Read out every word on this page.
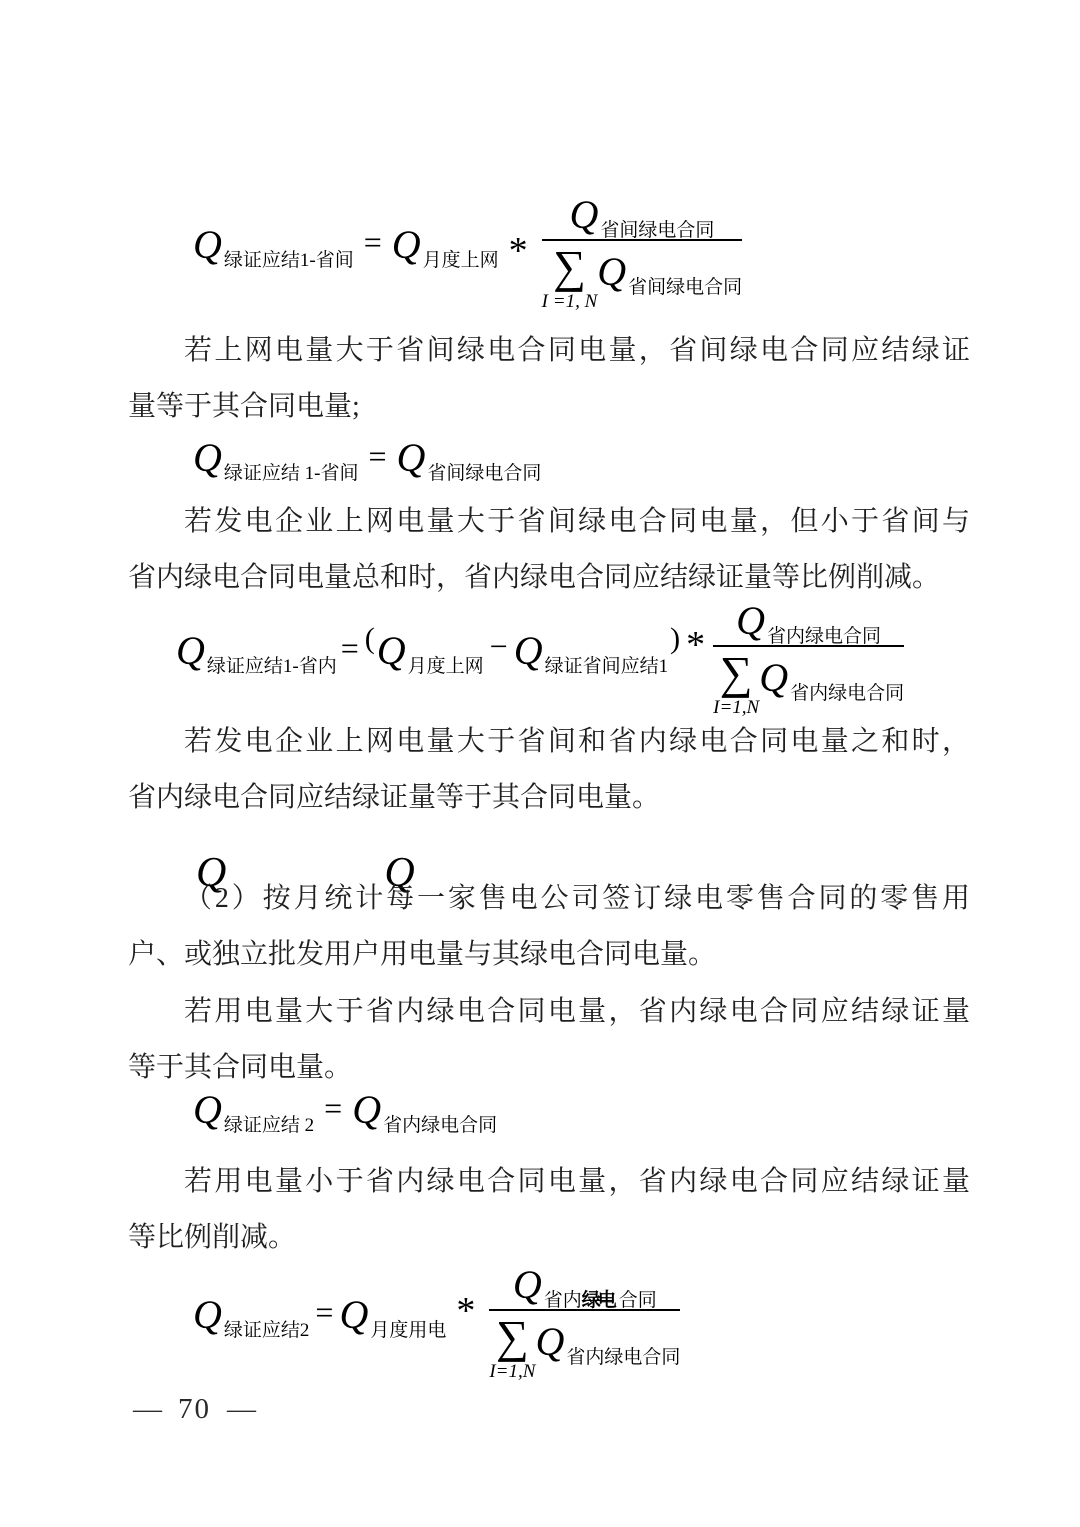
Q绿证应结1-省间 = Q月度上网 * Q 省间绿电合同
∑
I =1, N
Q 省间绿电合同
若上网电量大于省间绿电合同电量，省间绿电合同应结绿证
量等于其合同电量;
Q绿证应结 1-省间 = Q省间绿电合同
若发电企业上网电量大于省间绿电合同电量，但小于省间与
省内绿电合同电量总和时，省内绿电合同应结绿证量等比例削减。
Q绿证应结1-省内 = ( Q月度上网
− Q绿证省间应结1
) * Q 省内绿电合同
∑
I=1,N
Q 省内绿电合同
若发电企业上网电量大于省间和省内绿电合同电量之和时，
省内绿电合同应结绿证量等于其合同电量。
Q	Q
（2）按月统计每一家售电公司签订绿电零售合同的零售用
户、或独立批发用户用电量与其绿电合同电量。
若用电量大于省内绿电合同电量，省内绿电合同应结绿证量
等于其合同电量。
Q绿证应结 2 = Q省内绿电合同
若用电量小于省内绿电合同电量，省内绿电合同应结绿证量
等比例削减。
Q绿证应结2 = Q月度用电 * Q 省内绿电 合同
∑
I=1,N
Q 省内绿电合同
— 70 —
